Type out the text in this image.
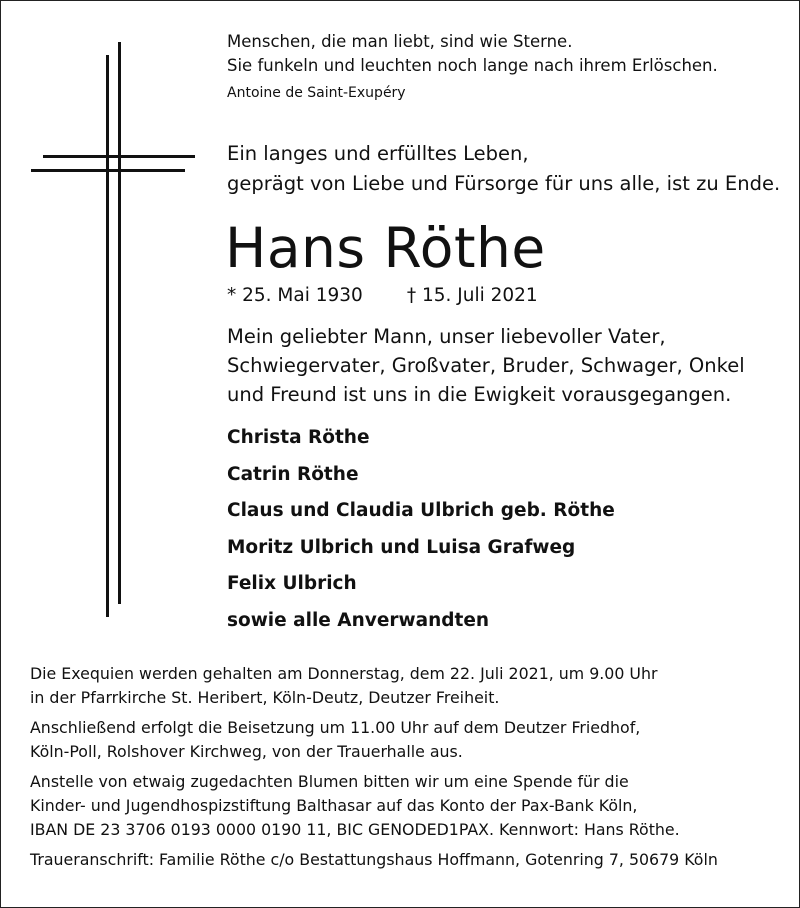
Menschen, die man liebt, sind wie Sterne.
Sie funkeln und leuchten noch lange nach ihrem Erlöschen.
Antoine de Saint-Exupéry
Ein langes und erfülltes Leben,
geprägt von Liebe und Fürsorge für uns alle, ist zu Ende.
Hans Röthe
* 25. Mai 1930 † 15. Juli 2021
Mein geliebter Mann, unser liebevoller Vater,
Schwiegervater, Großvater, Bruder, Schwager, Onkel
und Freund ist uns in die Ewigkeit vorausgegangen.
Christa Röthe
Catrin Röthe
Claus und Claudia Ulbrich geb. Röthe
Moritz Ulbrich und Luisa Grafweg
Felix Ulbrich
sowie alle Anverwandten
Die Exequien werden gehalten am Donnerstag, dem 22. Juli 2021, um 9.00 Uhr
in der Pfarrkirche St. Heribert, Köln-Deutz, Deutzer Freiheit.
Anschließend erfolgt die Beisetzung um 11.00 Uhr auf dem Deutzer Friedhof,
Köln-Poll, Rolshover Kirchweg, von der Trauerhalle aus.
Anstelle von etwaig zugedachten Blumen bitten wir um eine Spende für die
Kinder- und Jugendhospizstiftung Balthasar auf das Konto der Pax-Bank Köln,
IBAN DE 23 3706 0193 0000 0190 11, BIC GENODED1PAX. Kennwort: Hans Röthe.
Traueranschrift: Familie Röthe c/o Bestattungshaus Hoffmann, Gotenring 7, 50679 Köln
